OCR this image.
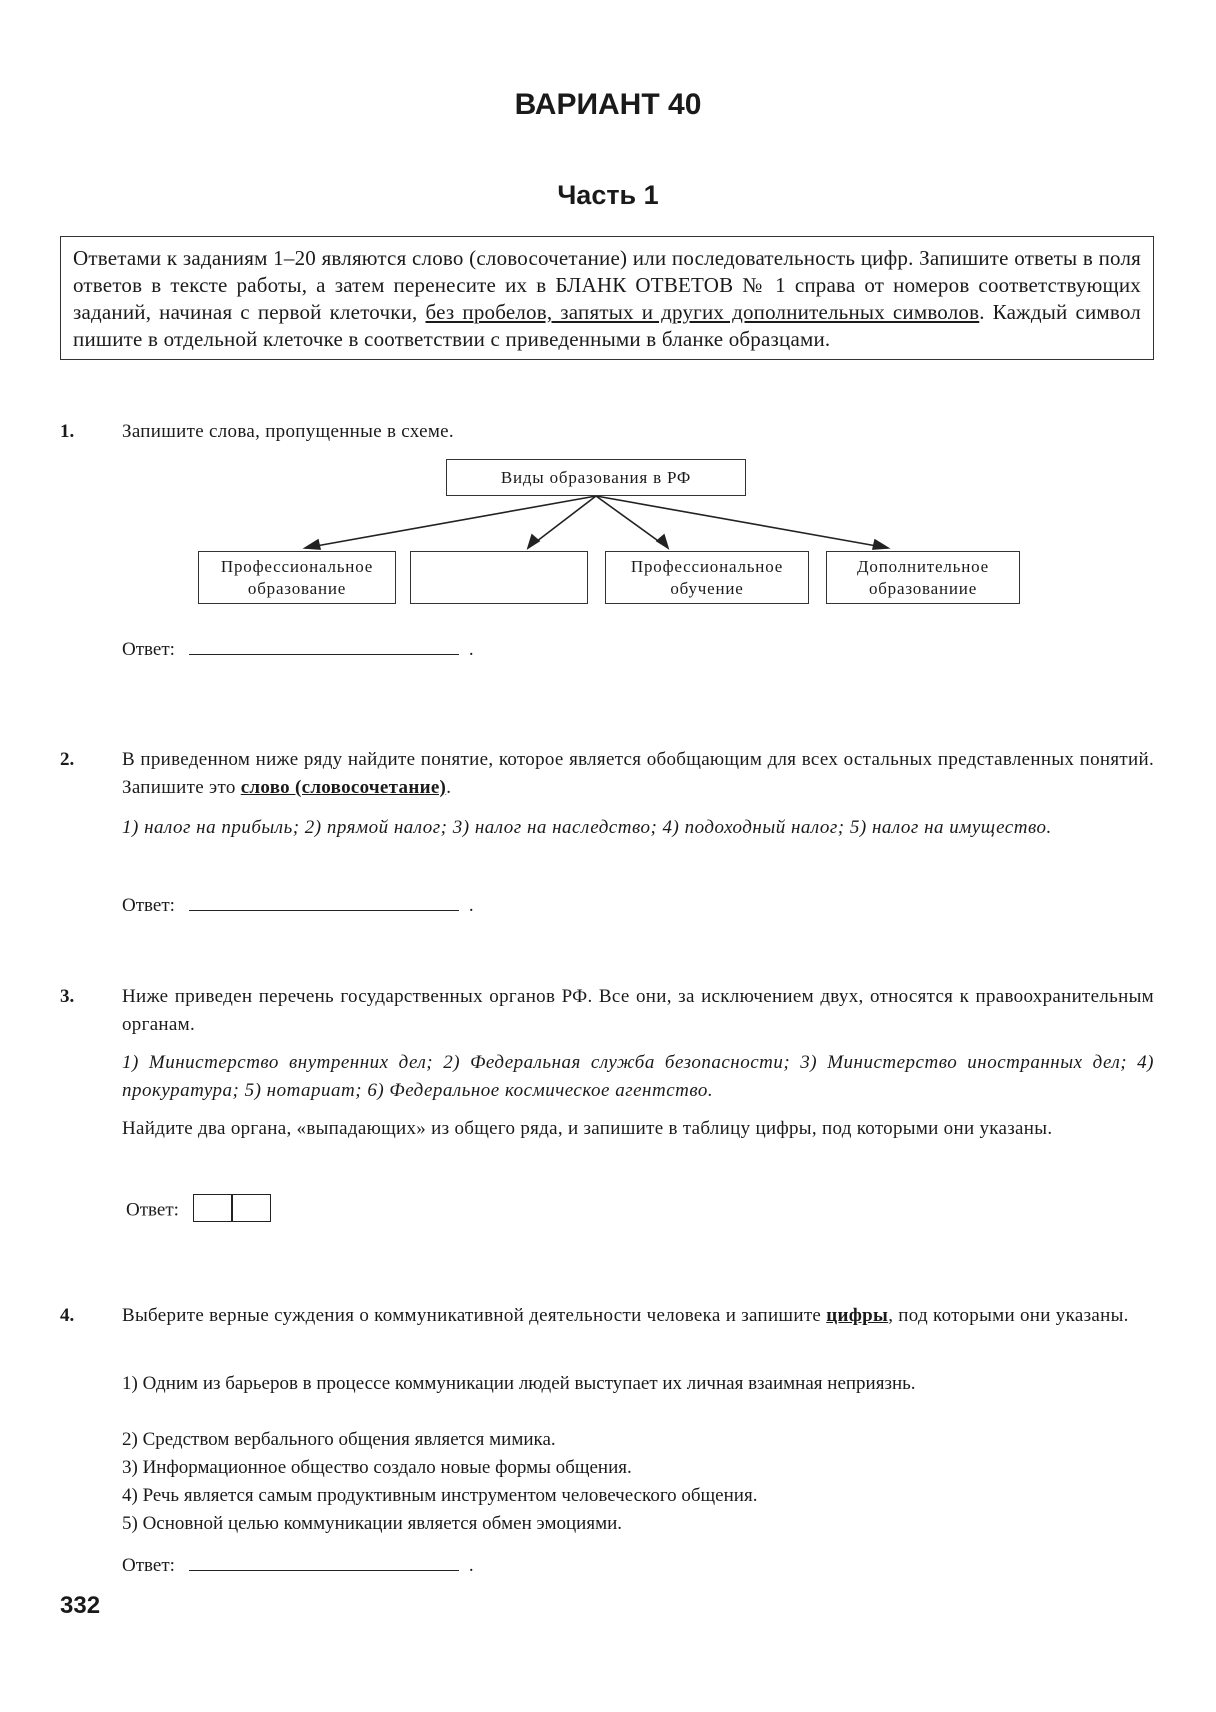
ВАРИАНТ 40
Часть 1
Ответами к заданиям 1–20 являются слово (словосочетание) или последовательность цифр. Запишите ответы в поля ответов в тексте работы, а затем перенесите их в БЛАНК ОТВЕТОВ № 1 справа от номеров соответствующих заданий, начиная с первой клеточки, без пробелов, запятых и других дополнительных символов. Каждый символ пишите в отдельной клеточке в соответствии с приведенными в бланке образцами.
1.	Запишите слова, пропущенные в схеме.
Виды образования в РФ
Профессиональное образование
Профессиональное обучение
Дополнительное образованиие
Ответ:	.
2.	В приведенном ниже ряду найдите понятие, которое является обобщающим для всех остальных представленных понятий. Запишите это слово (словосочетание).
1) налог на прибыль; 2) прямой налог; 3) налог на наследство; 4) подоходный налог; 5) налог на имущество.
Ответ:	.
3.	Ниже приведен перечень государственных органов РФ. Все они, за исключением двух, относятся к правоохранительным органам.
1) Министерство внутренних дел; 2) Федеральная служба безопасности; 3) Министерство иностранных дел; 4) прокуратура; 5) нотариат; 6) Федеральное космическое агентство.
Найдите два органа, «выпадающих» из общего ряда, и запишите в таблицу цифры, под которыми они указаны.
Ответ:
4.	Выберите верные суждения о коммуникативной деятельности человека и запишите цифры, под которыми они указаны.
1) Одним из барьеров в процессе коммуникации людей выступает их личная взаимная неприязнь.
2) Средством вербального общения является мимика.
3) Информационное общество создало новые формы общения.
4) Речь является самым продуктивным инструментом человеческого общения.
5) Основной целью коммуникации является обмен эмоциями.
Ответ:	.
332
